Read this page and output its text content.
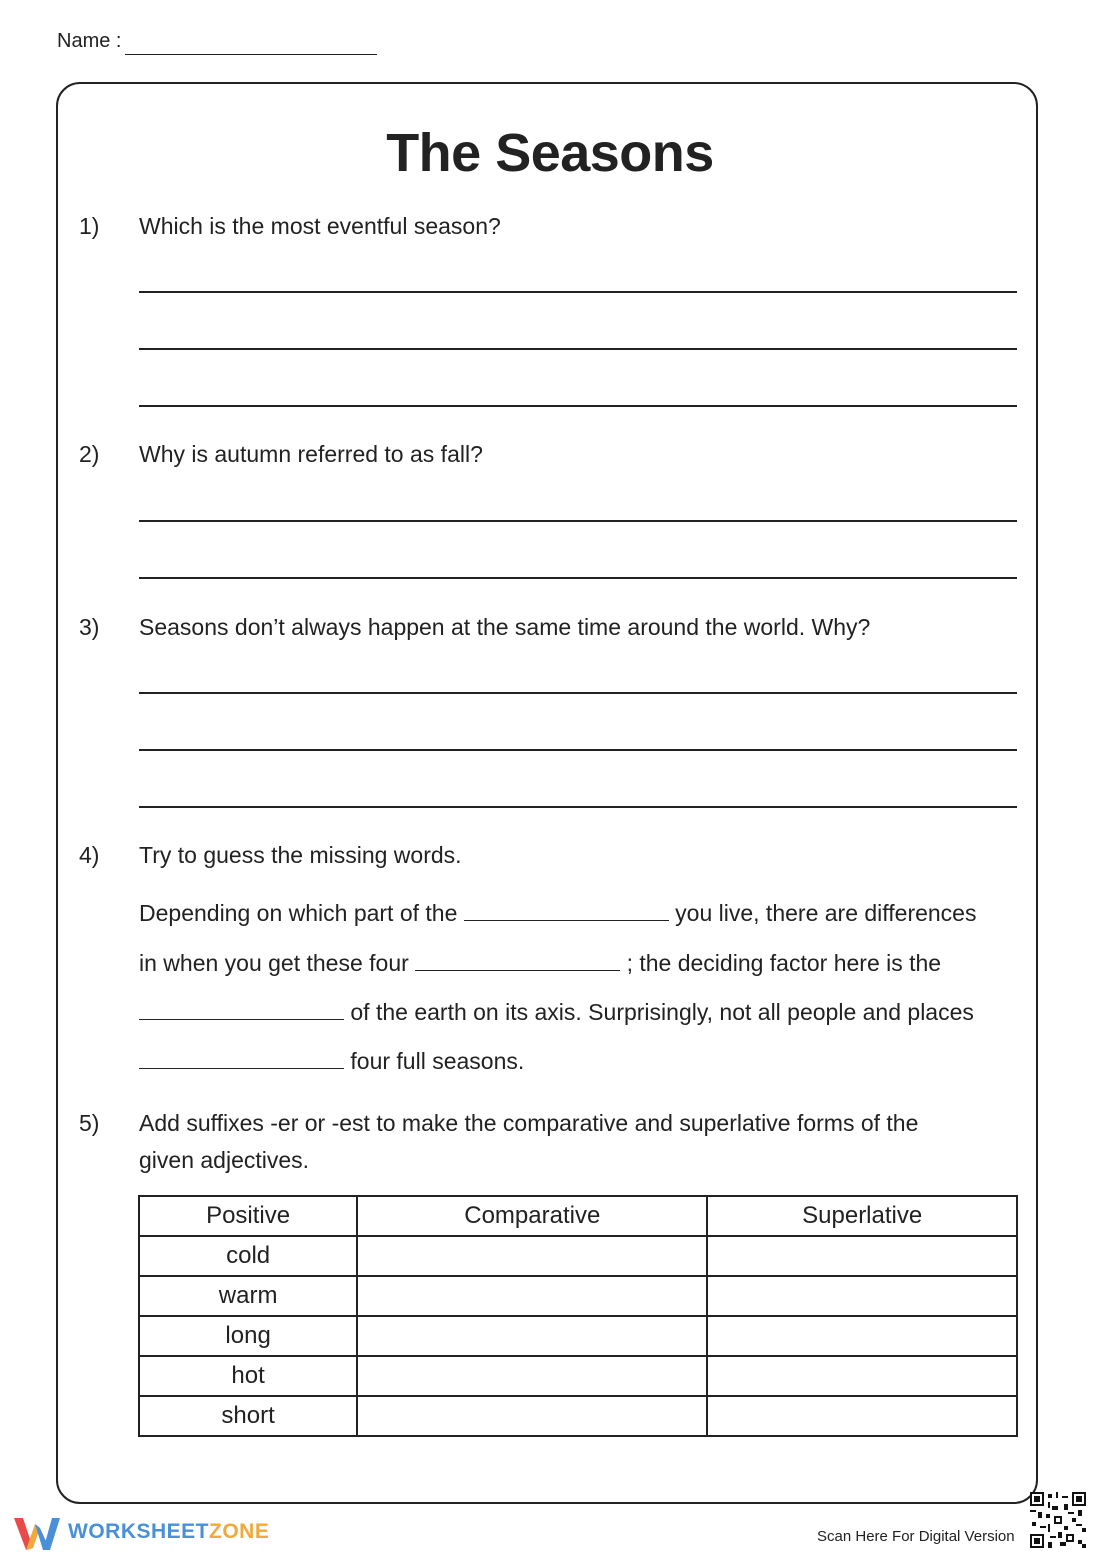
Name :
The Seasons
1) Which is the most eventful season?
2) Why is autumn referred to as fall?
3) Seasons don’t always happen at the same time around the world. Why?
4) Try to guess the missing words.
Depending on which part of the	you live, there are differences
in when you get these four	; the deciding factor here is the
of the earth on its axis. Surprisingly, not all people and places
four full seasons.
5) Add suffixes -er or -est to make the comparative and superlative forms of the
given adjectives.
Positive	Comparative	Superlative
cold		
warm		
long		
hot		
short		
WORKSHEETZONE	Scan Here For Digital Version
